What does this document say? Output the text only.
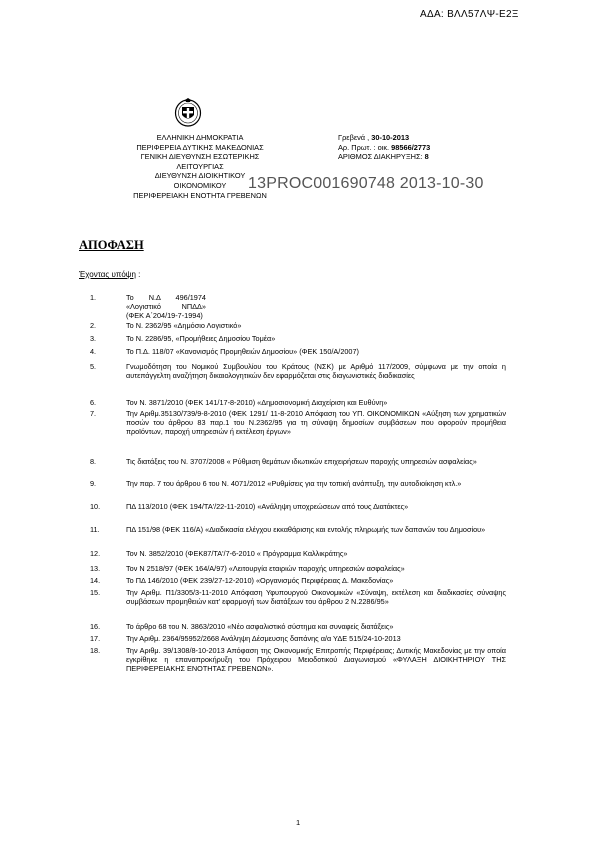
ΑΔΑ: ΒΛΛ57ΛΨ-Ε2Ξ
ΕΛΛΗΝΙΚΗ ΔΗΜΟΚΡΑΤΙΑ
ΠΕΡΙΦΕΡΕΙΑ ΔΥΤΙΚΗΣ ΜΑΚΕΔΟΝΙΑΣ
ΓΕΝΙΚΗ ΔΙΕΥΘΥΝΣΗ ΕΣΩΤΕΡΙΚΗΣ
ΛΕΙΤΟΥΡΓΙΑΣ
ΔΙΕΥΘΥΝΣΗ ΔΙΟΙΚΗΤΙΚΟΥ
ΟΙΚΟΝΟΜΙΚΟΥ
ΠΕΡΙΦΕΡΕΙΑΚΗ ΕΝΟΤΗΤΑ ΓΡΕΒΕΝΩΝ
Γρεβενά , 30-10-2013
Αρ. Πρωτ. : οικ. 98566/2773
ΑΡΙΘΜΟΣ ΔΙΑΚΗΡΥΞΗΣ: 8
13PROC001690748 2013-10-30
ΑΠΟΦΑΣΗ
Έχοντας υπόψη :
1.	Το Ν.Δ 496/1974 «Λογιστικό ΝΠΔΔ» (ΦΕΚ Α΄204/19-7-1994)
2.	Το Ν. 2362/95 «Δημόσιο Λογιστικό»
3.	Το Ν. 2286/95, «Προμήθειες Δημοσίου Τομέα»
4.	Το Π.Δ. 118/07 «Κανονισμός Προμηθειών Δημοσίου» (ΦΕΚ 150/Α/2007)
5.	Γνωμοδότηση του Νομικού Συμβουλίου του Κράτους (ΝΣΚ) με Αριθμό 117/2009, σύμφωνα με την οποία η αυτεπάγγελτη αναζήτηση δικαιολογητικών δεν εφαρμόζεται στις διαγωνιστικές διαδικασίες
6.	Τον Ν. 3871/2010 (ΦΕΚ 141/17-8-2010) «Δημοσιονομική Διαχείριση και Ευθύνη»
7.	Την Αριθμ.35130/739/9-8-2010 (ΦΕΚ 1291/ 11-8-2010 Απόφαση του ΥΠ. ΟΙΚΟΝΟΜΙΚΩΝ «Αύξηση των χρηματικών ποσών του άρθρου 83 παρ.1 του Ν.2362/95 για τη σύναψη δημοσίων συμβάσεων που αφορούν προμήθεια προϊόντων, παροχή υπηρεσιών ή εκτέλεση έργων»
8.	Τις διατάξεις του Ν. 3707/2008 « Ρύθμιση θεμάτων ιδιωτικών επιχειρήσεων παροχής υπηρεσιών ασφαλείας»
9.	Την παρ. 7 του άρθρου 6 του Ν. 4071/2012 «Ρυθμίσεις για την τοπική ανάπτυξη, την αυτοδιοίκηση κτλ.»
10.	ΠΔ 113/2010 (ΦΕΚ 194/ΤΑ'/22-11-2010) «Ανάληψη υποχρεώσεων από τους Διατάκτες»
11.	ΠΔ 151/98 (ΦΕΚ 116/Α) «Διαδικασία ελέγχου εκκαθάρισης και εντολής πληρωμής των δαπανών του Δημοσίου»
12.	Τον Ν. 3852/2010 (ΦΕΚ87/ΤΑ'/7-6-2010 « Πρόγραμμα Καλλικράτης»
13.	Τον Ν 2518/97 (ΦΕΚ 164/Α/97) «Λειτουργία εταιριών παροχής υπηρεσιών ασφαλείας»
14.	Το ΠΔ 146/2010 (ΦΕΚ 239/27-12-2010) «Οργανισμός Περιφέρειας Δ. Μακεδονίας»
15.	Την Αριθμ. Π1/3305/3-11-2010 Απόφαση Υφυπουργού Οικονομικών «Σύναψη, εκτέλεση και διαδικασίες σύναψης συμβάσεων προμηθειών κατ' εφαρμογή των διατάξεων του άρθρου 2 Ν.2286/95»
16.	Το άρθρο 68 του Ν. 3863/2010 «Νέο ασφαλιστικό σύστημα και συναφείς διατάξεις»
17.	Την Αριθμ. 2364/95952/2668 Ανάληψη Δέσμευσης δαπάνης α/α ΥΔΕ 515/24-10-2013
18.	Την Αριθμ. 39/1308/8-10-2013 Απόφαση της Οικονομικής Επιτροπής Περιφέρειας; Δυτικής Μακεδονίας με την οποία εγκρίθηκε η επαναπροκήρυξη του Πρόχειρου Μειοδοτικού Διαγωνισμού «ΦΥΛΑΞΗ ΔΙΟΙΚΗΤΗΡΙΟΥ ΤΗΣ ΠΕΡΙΦΕΡΕΙΑΚΗΣ ΕΝΟΤΗΤΑΣ ΓΡΕΒΕΝΩΝ».
1
